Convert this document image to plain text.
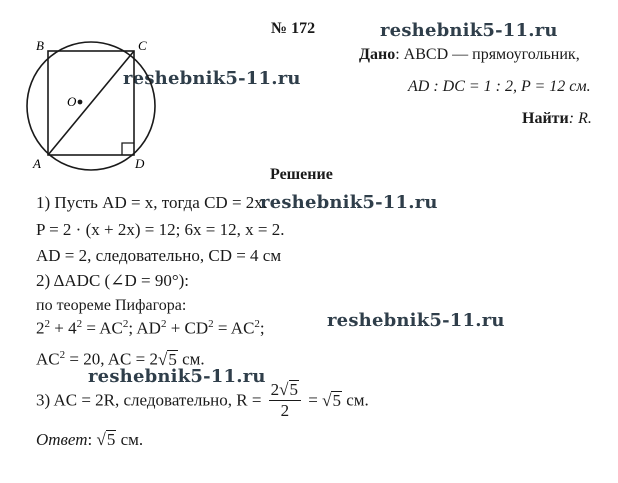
№ 172	reshebnik5-11.ru
reshebnik5-11.ru
reshebnik5-11.ru
reshebnik5-11.ru
reshebnik5-11.ru
B	C
O
A	D
Дано: ABCD — прямоугольник,
AD : DC = 1 : 2, P = 12 см.
Найти: R.
Решение
1) Пусть AD = x, тогда CD = 2x.
P = 2 · (x + 2x) = 12; 6x = 12, x = 2.
AD = 2, следовательно, CD = 4 см
2) ΔADC (∠D = 90°):
по теореме Пифагора:
$2^2 + 4^2 = AC^2$; $AD^2 + CD^2 = AC^2$;
$AC^2 = 20$, AC = 2√5 см.
3) AC = 2R, следовательно, $R = \frac{2√5}{2} = √5$ см.
Ответ: √5 см.
